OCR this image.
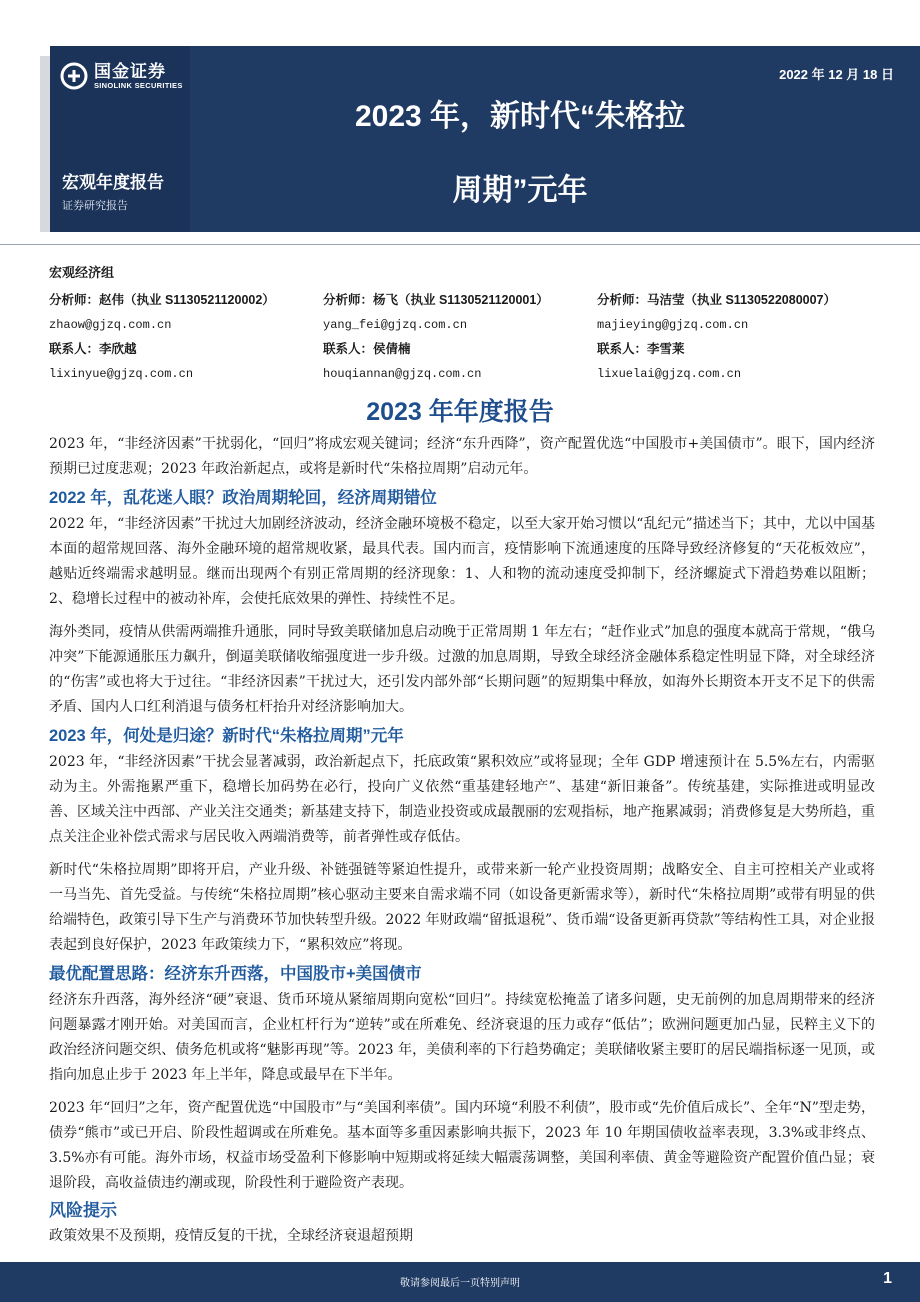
国金证券
SINOLINK SECURITIES
2022 年 12 月 18 日
2023 年，新时代“朱格拉
周期”元年
宏观年度报告
证券研究报告
宏观经济组
分析师：赵伟（执业 S1130521120002）
zhaow@gjzq.com.cn
联系人：李欣越
lixinyue@gjzq.com.cn
分析师：杨飞（执业 S1130521120001）
yang_fei@gjzq.com.cn
联系人：侯倩楠
houqiannan@gjzq.com.cn
分析师：马洁莹（执业 S1130522080007）
majieying@gjzq.com.cn
联系人：李雪莱
lixuelai@gjzq.com.cn
2023 年年度报告

2023 年，“非经济因素”干扰弱化，“回归”将成宏观关键词；经济“东升西降”，资产配置优选“中国股市+美国债市”。眼下，国内经济预期已过度悲观；2023 年政治新起点，或将是新时代“朱格拉周期”启动元年。

2022 年，乱花迷人眼？政治周期轮回，经济周期错位

2022 年，“非经济因素”干扰过大加剧经济波动，经济金融环境极不稳定，以至大家开始习惯以“乱纪元”描述当下；其中，尤以中国基本面的超常规回落、海外金融环境的超常规收紧，最具代表。国内而言，疫情影响下流通速度的压降导致经济修复的“天花板效应”，越贴近终端需求越明显。继而出现两个有别正常周期的经济现象：1、人和物的流动速度受抑制下，经济螺旋式下滑趋势难以阻断；2、稳增长过程中的被动补库，会使托底效果的弹性、持续性不足。

海外类同，疫情从供需两端推升通胀，同时导致美联储加息启动晚于正常周期 1 年左右；“赶作业式”加息的强度本就高于常规，“俄乌冲突”下能源通胀压力飙升，倒逼美联储收缩强度进一步升级。过激的加息周期，导致全球经济金融体系稳定性明显下降，对全球经济的“伤害”或也将大于过往。“非经济因素”干扰过大，还引发内部外部“长期问题”的短期集中释放，如海外长期资本开支不足下的供需矛盾、国内人口红利消退与债务杠杆抬升对经济影响加大。

2023 年，何处是归途？新时代“朱格拉周期”元年

2023 年，“非经济因素”干扰会显著减弱，政治新起点下，托底政策“累积效应”或将显现；全年 GDP 增速预计在 5.5%左右，内需驱动为主。外需拖累严重下，稳增长加码势在必行，投向广义依然“重基建轻地产”、基建“新旧兼备”。传统基建，实际推进或明显改善、区域关注中西部、产业关注交通类；新基建支持下，制造业投资或成最靓丽的宏观指标，地产拖累减弱；消费修复是大势所趋，重点关注企业补偿式需求与居民收入两端消费等，前者弹性或存低估。

新时代“朱格拉周期”即将开启，产业升级、补链强链等紧迫性提升，或带来新一轮产业投资周期；战略安全、自主可控相关产业或将一马当先、首先受益。与传统“朱格拉周期”核心驱动主要来自需求端不同（如设备更新需求等），新时代“朱格拉周期”或带有明显的供给端特色，政策引导下生产与消费环节加快转型升级。2022 年财政端“留抵退税”、货币端“设备更新再贷款”等结构性工具，对企业报表起到良好保护，2023 年政策续力下，“累积效应”将现。

最优配置思路：经济东升西落，中国股市+美国债市

经济东升西落，海外经济“硬”衰退、货币环境从紧缩周期向宽松“回归”。持续宽松掩盖了诸多问题，史无前例的加息周期带来的经济问题暴露才刚开始。对美国而言，企业杠杆行为“逆转”或在所难免、经济衰退的压力或存“低估”；欧洲问题更加凸显，民粹主义下的政治经济问题交织、债务危机或将“魅影再现”等。2023 年，美债利率的下行趋势确定；美联储收紧主要盯的居民端指标逐一见顶，或指向加息止步于 2023 年上半年，降息或最早在下半年。

2023 年“回归”之年，资产配置优选“中国股市”与“美国利率债”。国内环境“利股不利债”，股市或“先价值后成长”、全年“N”型走势，债券“熊市”或已开启、阶段性超调或在所难免。基本面等多重因素影响共振下，2023 年 10 年期国债收益率表现，3.3%或非终点、3.5%亦有可能。海外市场，权益市场受盈利下修影响中短期或将延续大幅震荡调整，美国利率债、黄金等避险资产配置价值凸显；衰退阶段，高收益债违约潮或现，阶段性利于避险资产表现。

风险提示

政策效果不及预期，疫情反复的干扰，全球经济衰退超预期

敬请参阅最后一页特别声明	1
